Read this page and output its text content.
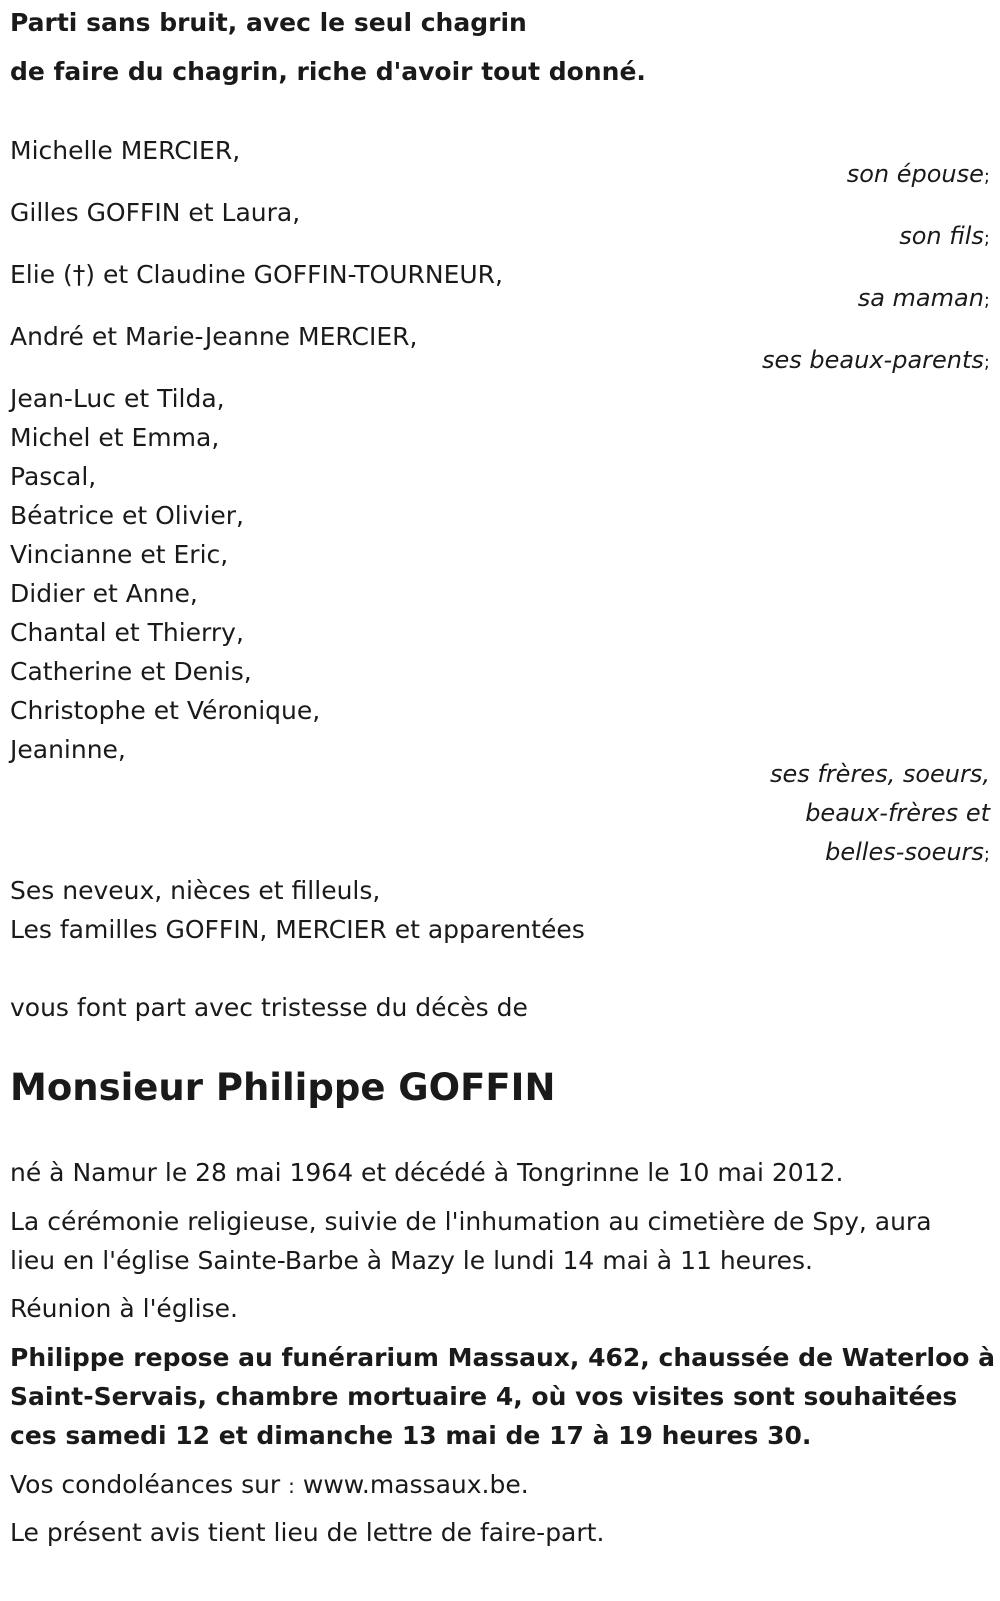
Parti sans bruit, avec le seul chagrin

de faire du chagrin, riche d'avoir tout donné.

Michelle MERCIER,

son épouse;

Gilles GOFFIN et Laura,

son fils;

Elie (†) et Claudine GOFFIN-TOURNEUR,

sa maman;

André et Marie-Jeanne MERCIER,

ses beaux-parents;

Jean-Luc et Tilda,

Michel et Emma,

Pascal,

Béatrice et Olivier,

Vincianne et Eric,

Didier et Anne,

Chantal et Thierry,

Catherine et Denis,

Christophe et Véronique,

Jeaninne,

ses frères, soeurs,

beaux-frères et

belles-soeurs;

Ses neveux, nièces et filleuls,

Les familles GOFFIN, MERCIER et apparentées

vous font part avec tristesse du décès de

Monsieur Philippe GOFFIN

né à Namur le 28 mai 1964 et décédé à Tongrinne le 10 mai 2012.

La cérémonie religieuse, suivie de l'inhumation au cimetière de Spy, aura

lieu en l'église Sainte-Barbe à Mazy le lundi 14 mai à 11 heures.

Réunion à l'église.

Philippe repose au funérarium Massaux, 462, chaussée de Waterloo à

Saint-Servais, chambre mortuaire 4, où vos visites sont souhaitées

ces samedi 12 et dimanche 13 mai de 17 à 19 heures 30.

Vos condoléances sur : www.massaux.be.

Le présent avis tient lieu de lettre de faire-part.
